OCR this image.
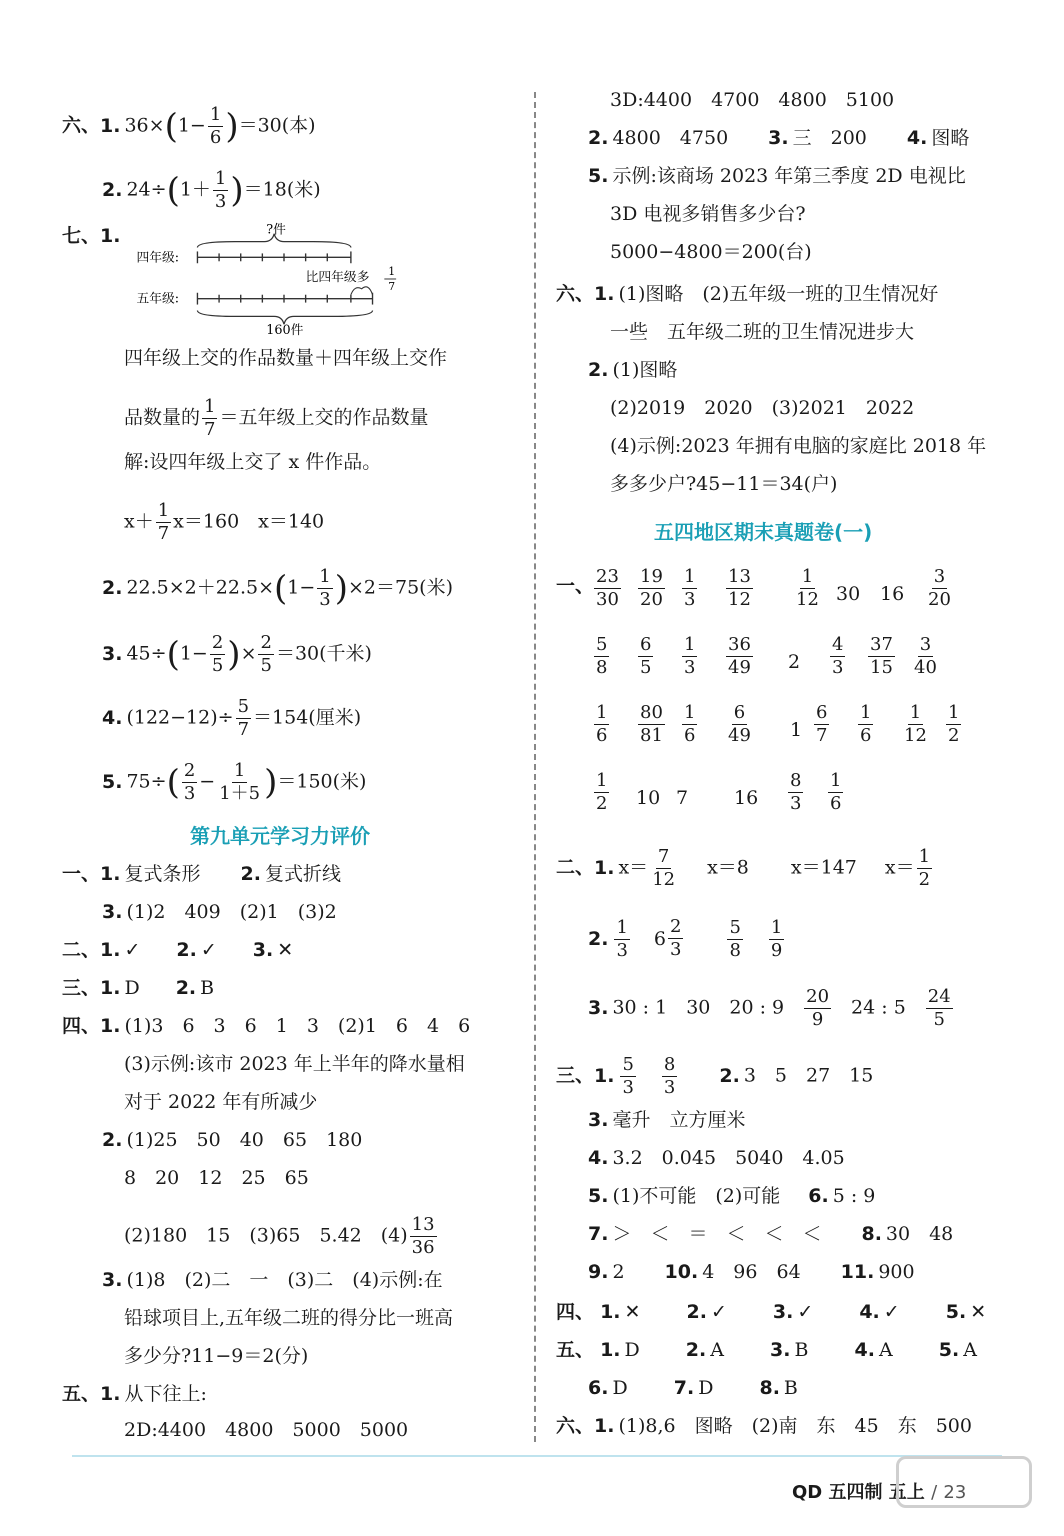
六、1. $36\times(1- \frac{1}{6} )=30$(本)
2. $24\div(1+ \frac{1}{3} )=18$(米)
七、1.	?件
四年级:
比四年级多 1
7
五年级:
160件
四年级上交的作品数量＋四年级上交作
品数量的 $\frac{1}{7}$ ＝五年级上交的作品数量
解:设四年级上交了 x 件作品。
$x+ \frac{1}{7} x=160$　x＝140
2. $22.5\times 2+22.5\times(1- \frac{1}{3} )\times 2=75$(米)
3. $45\div(1- \frac{2}{5}$ )× $\frac{2}{5} =30$(千米)
4. $(122-12)\div \frac{5}{7} =154$(厘米)
5. $75\div( \frac{2}{3} - \frac{1}{1+5} )=150$(米)
第九单元学习力评价
一、1. 复式条形 2. 复式折线
3. (1)2　409　(2)1　(3)2
二、1. ✓ 2. ✓ 3. ✕
三、1. D 2. B
四、1. (1)3　6　3　6　1　3　(2)1　6　4　6
(3)示例:该市 2023 年上半年的降水量相
对于 2022 年有所减少
2. (1)25　50　40　65　180
8　20　12　25　65
(2)180　15　(3)65　5.42　$(4) \frac{13}{36}$
3. (1)8　(2)二　一　(3)二　(4)示例:在
铅球项目上,五年级二班的得分比一班高
多少分?11−9＝2(分)
五、1. 从下往上:
2D:4400　4800　5000　5000
3D:4400　4700　4800　5100
2. 4800　4750 3. 三　200 4. 图略
5. 示例:该商场 2023 年第三季度 2D 电视比
3D 电视多销售多少台?
5000−4800＝200(台)
六、1. (1)图略　(2)五年级一班的卫生情况好
一些　五年级二班的卫生情况进步大
2. (1)图略
(2)2019　2020　(3)2021　2022
(4)示例:2023 年拥有电脑的家庭比 2018 年
多多少户?45−11＝34(户)
五四地区期末真题卷(一)
一、 $\frac{23}{30} \frac{19}{20} \frac{1}{3} \frac{13}{12} \frac{1}{12} 30$ $16 \frac{3}{20}$
$\frac{5}{8} \frac{6}{5} \frac{1}{3} \frac{36}{49} 2 \frac{4}{3} \frac{37}{15} \frac{3}{40}$
$\frac{1}{6} \frac{80}{81} \frac{1}{6} \frac{6}{49} 1 \frac{6}{7} \frac{1}{6} \frac{1}{12} \frac{1}{2}$
$\frac{1}{2} 10$ 7 $16 \frac{8}{3} \frac{1}{6}$
二、1. $x= \frac{7}{12} x=8$ x＝147 $x= \frac{1}{2}$
2. $\frac{1}{3} 6 \frac{2}{3} \frac{5}{8} \frac{1}{9}$
3. 30 : 1　30　20 : $9 \frac{20}{9} 24$ : $5 \frac{24}{5}$
三、1. $\frac{5}{3} \frac{8}{3} 2$. 3　5　27　15
3. 毫升　立方厘米
4. 3.2　0.045　5040　4.05
5. (1)不可能　(2)可能 6. 5 : 9
7. ＞　＜　＝　＜　＜　＜ 8. 30　48
9. 2 10. 4　96　64 11. 900
四、 1. ✕ 2. ✓ 3. ✓ 4. ✓ 5. ✕
五、 1. D 2. A 3. B 4. A 5. A
6. D 7. D 8. B
六、1. (1)8,6　图略　(2)南　东　45　东　500
QD 五四制 五上 / 23
